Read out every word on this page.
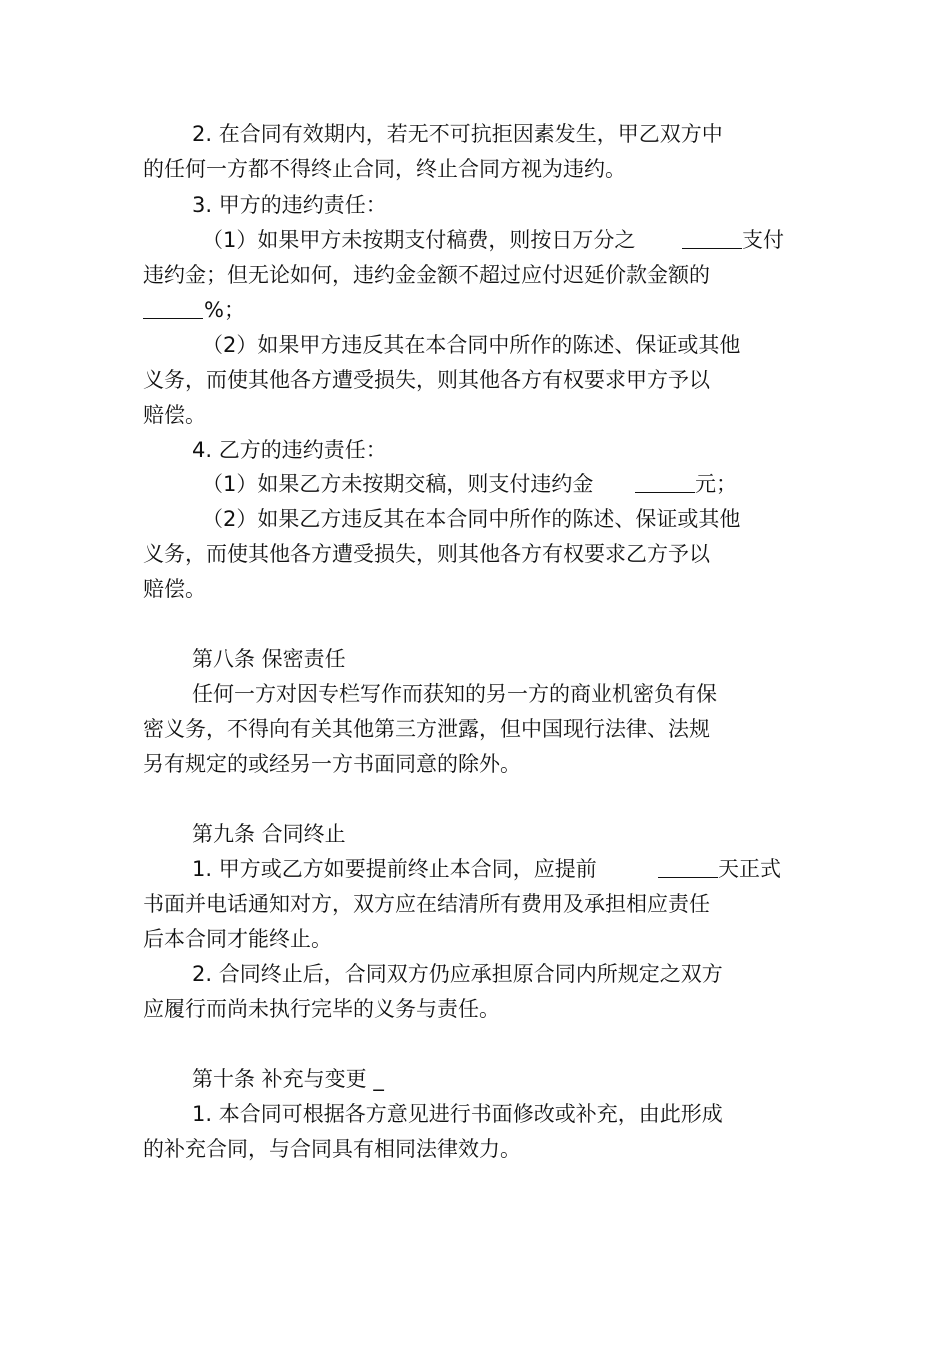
2. 在合同有效期内，若无不可抗拒因素发生，甲乙双方中
的任何一方都不得终止合同，终止合同方视为违约。
3. 甲方的违约责任：
（1）如果甲方未按期支付稿费，则按日万分之	支付
违约金；但无论如何，违约金金额不超过应付迟延价款金额的
%；
（2）如果甲方违反其在本合同中所作的陈述、保证或其他
义务，而使其他各方遭受损失，则其他各方有权要求甲方予以
赔偿。
4. 乙方的违约责任：
（1）如果乙方未按期交稿，则支付违约金	元；
（2）如果乙方违反其在本合同中所作的陈述、保证或其他
义务，而使其他各方遭受损失，则其他各方有权要求乙方予以
赔偿。
第八条 保密责任
任何一方对因专栏写作而获知的另一方的商业机密负有保
密义务，不得向有关其他第三方泄露，但中国现行法律、法规
另有规定的或经另一方书面同意的除外。
第九条 合同终止
1. 甲方或乙方如要提前终止本合同，应提前	天正式
书面并电话通知对方，双方应在结清所有费用及承担相应责任
后本合同才能终止。
2. 合同终止后，合同双方仍应承担原合同内所规定之双方
应履行而尚未执行完毕的义务与责任。
第十条 补充与变更 _
1. 本合同可根据各方意见进行书面修改或补充，由此形成
的补充合同，与合同具有相同法律效力。
